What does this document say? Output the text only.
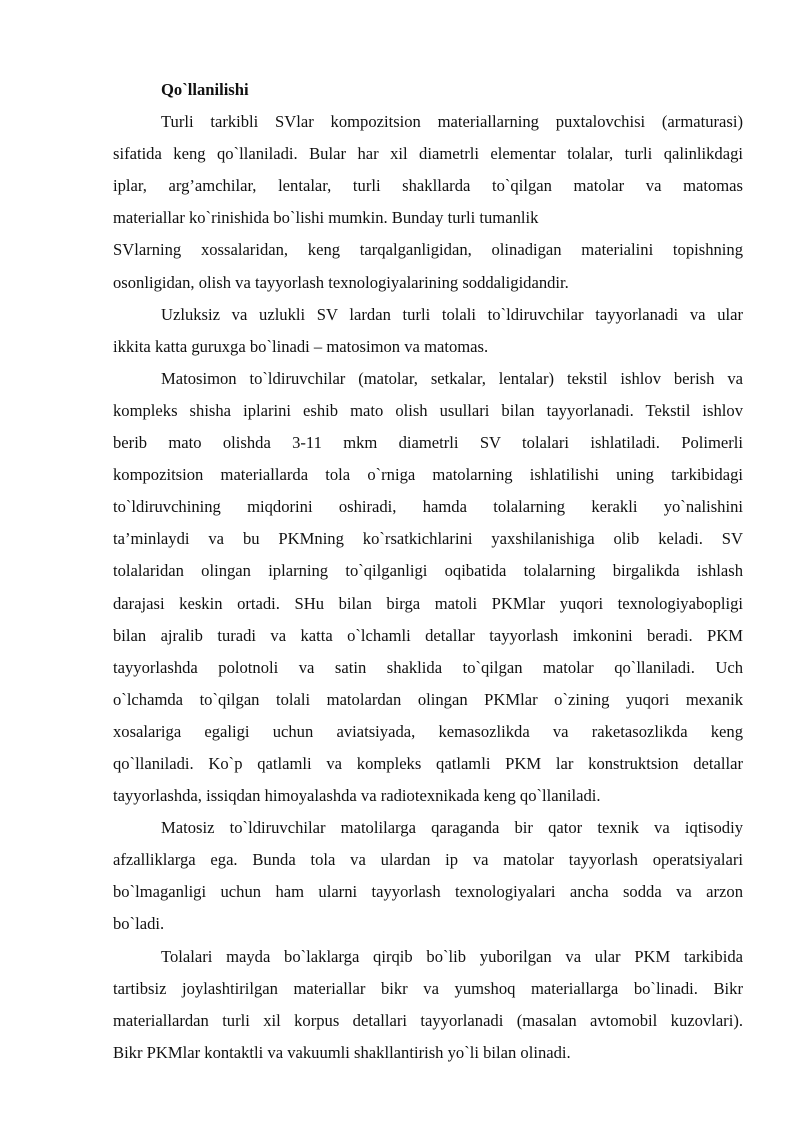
Qo`llanilishi

Turli tarkibli SVlar kompozitsion materiallarning puxtalovchisi (armaturasi)
sifatida keng qo`llaniladi. Bular har xil diametrli elementar tolalar, turli qalinlikdagi
iplar, arg’amchilar, lentalar, turli shakllarda to`qilgan matolar va matomas
materiallar ko`rinishida bo`lishi mumkin. Bunday turli tumanlik
SVlarning xossalaridan, keng tarqalganligidan, olinadigan materialini topishning
osonligidan, olish va tayyorlash texnologiyalarining soddaligidandir.
Uzluksiz va uzlukli SV lardan turli tolali to`ldiruvchilar tayyorlanadi va ular
ikkita katta guruxga bo`linadi – matosimon va matomas.
Matosimon to`ldiruvchilar (matolar, setkalar, lentalar) tekstil ishlov berish va
kompleks shisha iplarini eshib mato olish usullari bilan tayyorlanadi. Tekstil ishlov
berib mato olishda 3-11 mkm diametrli SV tolalari ishlatiladi. Polimerli
kompozitsion materiallarda tola o`rniga matolarning ishlatilishi uning tarkibidagi
to`ldiruvchining miqdorini oshiradi, hamda tolalarning kerakli yo`nalishini
ta’minlaydi va bu PKMning ko`rsatkichlarini yaxshilanishiga olib keladi. SV
tolalaridan olingan iplarning to`qilganligi oqibatida tolalarning birgalikda ishlash
darajasi keskin ortadi. SHu bilan birga matoli PKMlar yuqori texnologiyabopligi
bilan ajralib turadi va katta o`lchamli detallar tayyorlash imkonini beradi. PKM
tayyorlashda polotnoli va satin shaklida to`qilgan matolar qo`llaniladi. Uch
o`lchamda to`qilgan tolali matolardan olingan PKMlar o`zining yuqori mexanik
xosalariga egaligi uchun aviatsiyada, kemasozlikda va raketasozlikda keng
qo`llaniladi. Ko`p qatlamli va kompleks qatlamli PKM lar konstruktsion detallar
tayyorlashda, issiqdan himoyalashda va radiotexnikada keng qo`llaniladi.
Matosiz to`ldiruvchilar matolilarga qaraganda bir qator texnik va iqtisodiy
afzalliklarga ega. Bunda tola va ulardan ip va matolar tayyorlash operatsiyalari
bo`lmaganligi uchun ham ularni tayyorlash texnologiyalari ancha sodda va arzon
bo`ladi.
Tolalari mayda bo`laklarga qirqib bo`lib yuborilgan va ular PKM tarkibida
tartibsiz joylashtirilgan materiallar bikr va yumshoq materiallarga bo`linadi. Bikr
materiallardan turli xil korpus detallari tayyorlanadi (masalan avtomobil kuzovlari).
Bikr PKMlar kontaktli va vakuumli shakllantirish yo`li bilan olinadi.
